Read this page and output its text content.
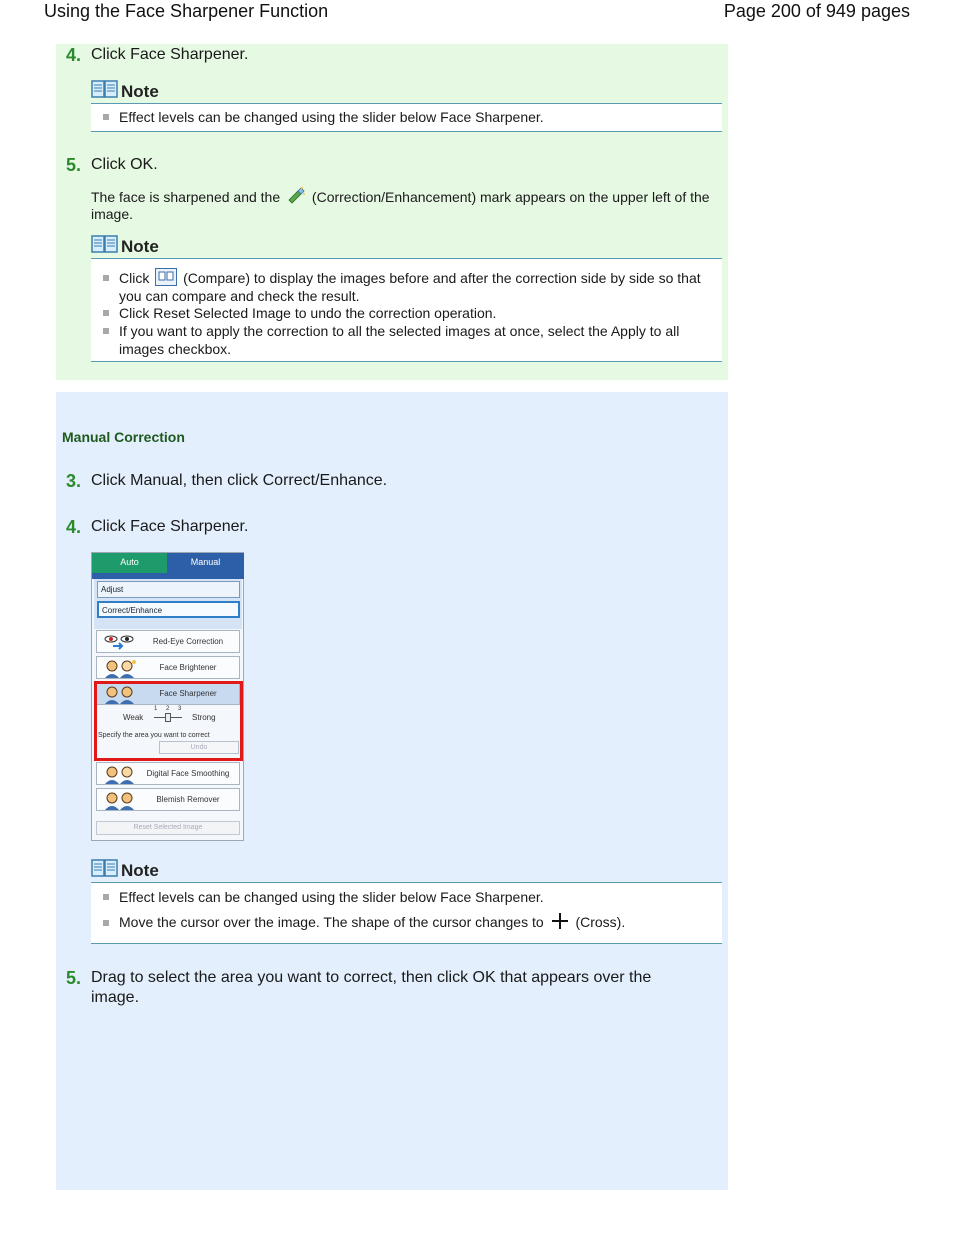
Using the Face Sharpener Function	Page 200 of 949 pages
4. Click Face Sharpener.
Note
Effect levels can be changed using the slider below Face Sharpener.
5. Click OK.
The face is sharpened and the (Correction/Enhancement) mark appears on the upper left of the
image.
Note
Click (Compare) to display the images before and after the correction side by side so that
you can compare and check the result.
Click Reset Selected Image to undo the correction operation.
If you want to apply the correction to all the selected images at once, select the Apply to all
images checkbox.
Manual Correction
3. Click Manual, then click Correct/Enhance.
4. Click Face Sharpener.
Auto	Manual
Adjust
Correct/Enhance
Red-Eye Correction
Face Brightener
Face Sharpener
Weak
1 2 3
Strong
Specify the area you want to correct
Undo
Digital Face Smoothing
Blemish Remover
Reset Selected Image
Note
Effect levels can be changed using the slider below Face Sharpener.
Move the cursor over the image. The shape of the cursor changes to (Cross).
5. Drag to select the area you want to correct, then click OK that appears over the
image.
